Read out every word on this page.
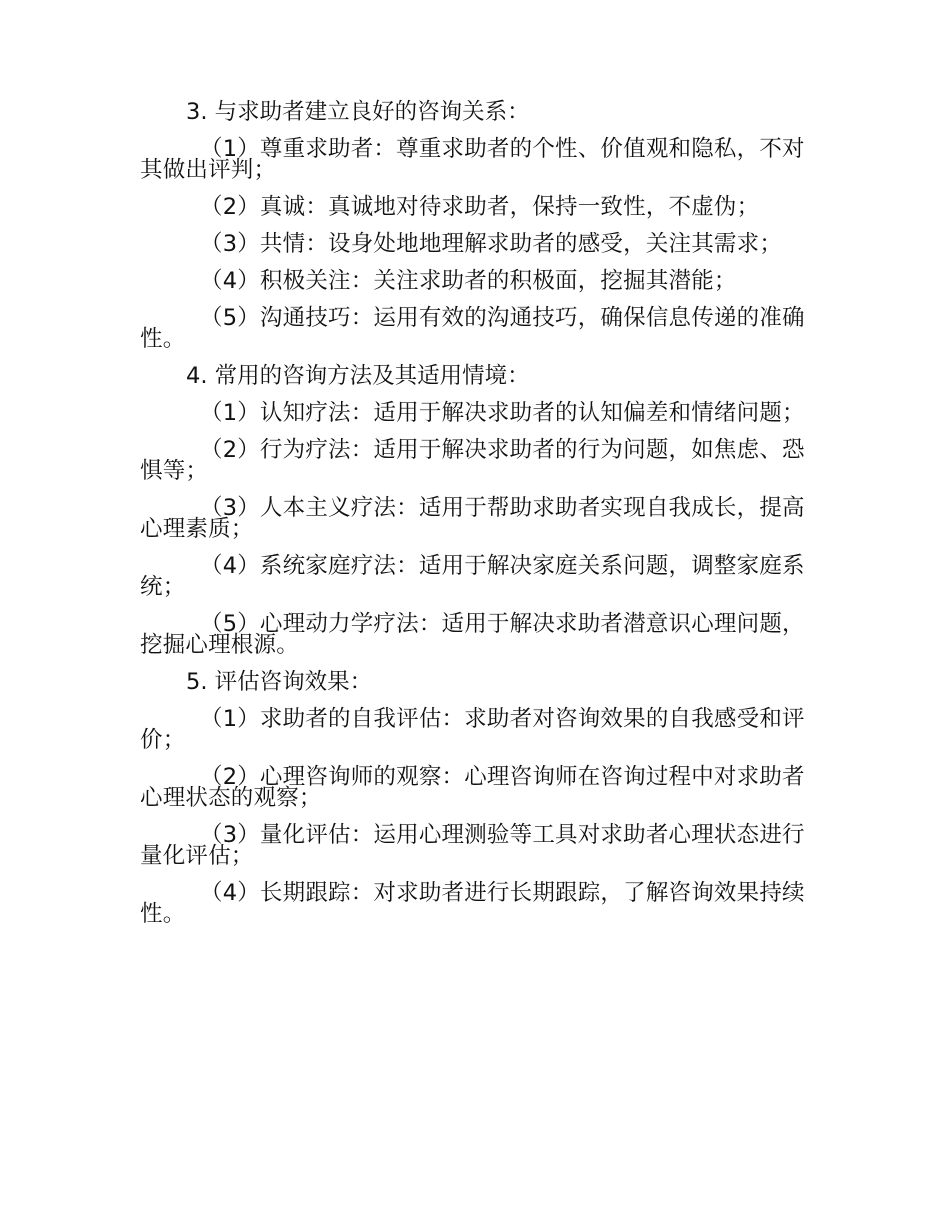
3. 与求助者建立良好的咨询关系：
（1）尊重求助者：尊重求助者的个性、价值观和隐私，不对其做出评判；
（2）真诚：真诚地对待求助者，保持一致性，不虚伪；
（3）共情：设身处地地理解求助者的感受，关注其需求；
（4）积极关注：关注求助者的积极面，挖掘其潜能；
（5）沟通技巧：运用有效的沟通技巧，确保信息传递的准确性。
4. 常用的咨询方法及其适用情境：
（1）认知疗法：适用于解决求助者的认知偏差和情绪问题；
（2）行为疗法：适用于解决求助者的行为问题，如焦虑、恐惧等；
（3）人本主义疗法：适用于帮助求助者实现自我成长，提高心理素质；
（4）系统家庭疗法：适用于解决家庭关系问题，调整家庭系统；
（5）心理动力学疗法：适用于解决求助者潜意识心理问题，挖掘心理根源。
5. 评估咨询效果：
（1）求助者的自我评估：求助者对咨询效果的自我感受和评价；
（2）心理咨询师的观察：心理咨询师在咨询过程中对求助者心理状态的观察；
（3）量化评估：运用心理测验等工具对求助者心理状态进行量化评估；
（4）长期跟踪：对求助者进行长期跟踪，了解咨询效果持续性。
